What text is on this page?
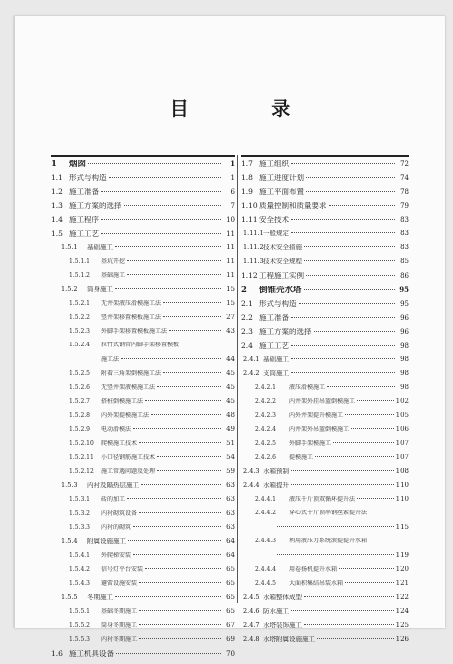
目 录
1	烟囱	1
1.1 形式与构造	1
1.2 施工准备	6
1.3 施工方案的选择	7
1.4 施工程序	10
1.5 施工工艺	11
1.5.1	基础施工	11
1.5.1.1	基坑开挖	11
1.5.1.2	基础施工	11
1.5.2	筒身施工	15
1.5.2.1	无井架液压滑模施工法	15
1.5.2.2	竖井架移置模板施工法	27
1.5.2.3	外脚手架移置模板施工法	43
1.5.2.4	拉竹式钢管内脚手架移置模板
施工法	44
1.5.2.5	附着三角架倒模施工法	45
1.5.2.6	无竖井架液模施工法	45
1.5.2.7	搭桩倒模施工法	45
1.5.2.8	内外架提模施工法	48
1.5.2.9	电动滑模法	49
1.5.2.10	爬模施工技术	51
1.5.2.11	小口径钢筋施工技术	54
1.5.2.12	施工常遇问题及处理	59
1.5.3	内衬及隔热层施工	63
1.5.3.1	砖的加工	63
1.5.3.2	内衬砌筑设备	63
1.5.3.3	内衬的砌筑	63
1.5.4	附属设施施工	64
1.5.4.1	外爬梯安装	64
1.5.4.2	信号灯平台安装	65
1.5.4.3	避雷设施安装	65
1.5.5	冬期施工	65
1.5.5.1	基础冬期施工	65
1.5.5.2	筒身冬期施工	67
1.5.5.3	内衬冬期施工	69
1.6 施工机具设备	70
1.7 施工组织	72
1.8 施工进度计划	74
1.9 施工平面布置	78
1.10 质量控制和质量要求	79
1.11 安全技术	83
1.11.1 一般规定	83
1.11.2 技术安全措施	83
1.11.3 技术安全规程	85
1.12 工程施工实例	86
2	倒锥壳水塔	95
2.1 形式与构造	95
2.2 施工准备	96
2.3 施工方案的选择	96
2.4 施工工艺	98
2.4.1 基础施工	98
2.4.2 支筒施工	98
2.4.2.1	液压滑模施工	98
2.4.2.2	内井架外挂吊篮倒模施工	102
2.4.2.3	内外井架提升模施工	105
2.4.2.4	内井架外吊篮倒模施工	106
2.4.2.5	外脚手架模施工	107
2.4.2.6	提模施工	107
2.4.3 水箱预制	108
2.4.4 水箱提升	110
2.4.4.1	液压千斤顶双循环提升法	110
2.4.4.2	穿心式千斤顶串钢丝索提升法
115
2.4.4.3	利用液压力系统滚提提升水箱
119
2.4.4.4	用卷扬机提升水箱	120
2.4.4.5	大面积集结吊装水箱	121
2.4.5 水箱整体成型	122
2.4.6 防水施工	124
2.4.7 水塔装饰施工	125
2.4.8 水塔附属设施施工	126
